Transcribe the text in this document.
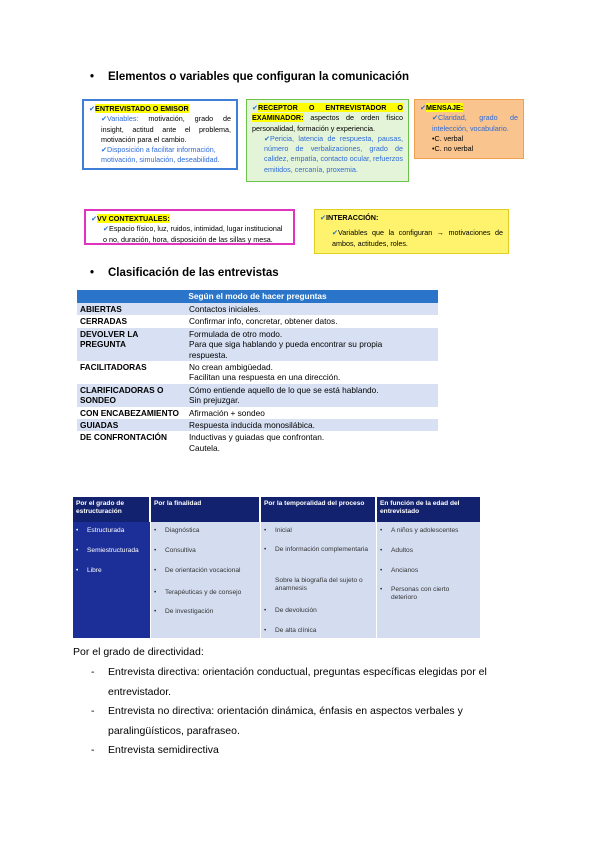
• Elementos o variables que configuran la comunicación
✔ENTREVISTADO O EMISOR
✔Variables: motivación, grado de insight, actitud ante el problema, motivación para el cambio.
✔Disposición a facilitar información, motivación, simulación, deseabilidad.
✔RECEPTOR O ENTREVISTADOR O EXAMINADOR: aspectos de orden físico personalidad, formación y experiencia.
✔Pericia, latencia de respuesta, pausas, número de verbalizaciones, grado de calidez, empatía, contacto ocular, refuerzos emitidos, cercanía, proxemia.
✔MENSAJE:
✔Claridad, grado de intelección, vocabulario.
•C. verbal
•C. no verbal
✔VV CONTEXTUALES:
✔Espacio físico, luz, ruidos, intimidad, lugar institucional o no, duración, hora, disposición de las sillas y mesa.
✔INTERACCIÓN:
✔Variables que la configuran → motivaciones de ambos, actitudes, roles.
• Clasificación de las entrevistas
Según el modo de hacer preguntas	
ABIERTAS	Contactos iniciales.

CERRADAS	Confirmar info, concretar, obtener datos.

DEVOLVER LA PREGUNTA	Formulada de otro modo.
Para que siga hablando y pueda encontrar su propia
respuesta.

FACILITADORAS	No crean ambigüedad.
Facilitan una respuesta en una dirección.

CLARIFICADORAS O SONDEO	Cómo entiende aquello de lo que se está hablando.
Sin prejuzgar.

CON ENCABEZAMIENTO	Afirmación + sondeo

GUIADAS	Respuesta inducida monosilábica.

DE CONFRONTACIÓN	Inductivas y guiadas que confrontan.
Cautela.
Por el grado de estructuración
• Estructurada
• Semiestructurada
• Libre
Por la finalidad
• Diagnóstica
• Consultiva
• De orientación vocacional
• Terapéuticas y de consejo
• De investigación
Por la temporalidad del proceso
• Inicial
• De información complementaria
Sobre la biografía del sujeto o anamnesis
• De devolución
• De alta clínica
En función de la edad del entrevistado
• A niños y adolescentes
• Adultos
• Ancianos
• Personas con cierto deterioro
Por el grado de directividad:
- Entrevista directiva: orientación conductual, preguntas específicas elegidas por el
entrevistador.
- Entrevista no directiva: orientación dinámica, énfasis en aspectos verbales y
paralingüísticos, parafraseo.
- Entrevista semidirectiva
